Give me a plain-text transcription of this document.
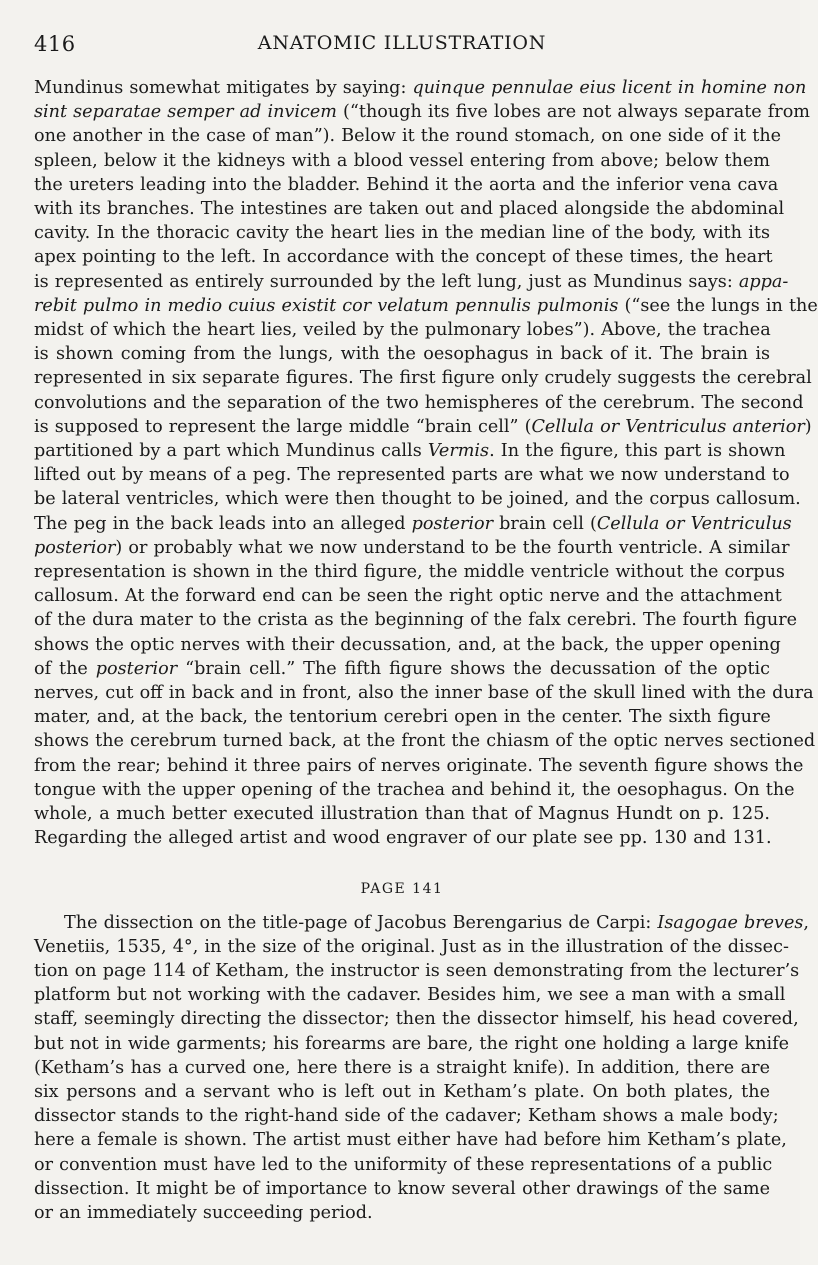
416	ANATOMIC ILLUSTRATION
Mundinus somewhat mitigates by saying: quinque pennulae eius licent in homine non
sint separatae semper ad invicem (“though its five lobes are not always separate from
one another in the case of man”). Below it the round stomach, on one side of it the
spleen, below it the kidneys with a blood vessel entering from above; below them
the ureters leading into the bladder. Behind it the aorta and the inferior vena cava
with its branches. The intestines are taken out and placed alongside the abdominal
cavity. In the thoracic cavity the heart lies in the median line of the body, with its
apex pointing to the left. In accordance with the concept of these times, the heart
is represented as entirely surrounded by the left lung, just as Mundinus says: appa-
rebit pulmo in medio cuius existit cor velatum pennulis pulmonis (“see the lungs in the
midst of which the heart lies, veiled by the pulmonary lobes”). Above, the trachea
is shown coming from the lungs, with the oesophagus in back of it. The brain is
represented in six separate figures. The first figure only crudely suggests the cerebral
convolutions and the separation of the two hemispheres of the cerebrum. The second
is supposed to represent the large middle “brain cell” (Cellula or Ventriculus anterior)
partitioned by a part which Mundinus calls Vermis. In the figure, this part is shown
lifted out by means of a peg. The represented parts are what we now understand to
be lateral ventricles, which were then thought to be joined, and the corpus callosum.
The peg in the back leads into an alleged posterior brain cell (Cellula or Ventriculus
posterior) or probably what we now understand to be the fourth ventricle. A similar
representation is shown in the third figure, the middle ventricle without the corpus
callosum. At the forward end can be seen the right optic nerve and the attachment
of the dura mater to the crista as the beginning of the falx cerebri. The fourth figure
shows the optic nerves with their decussation, and, at the back, the upper opening
of the posterior “brain cell.” The fifth figure shows the decussation of the optic
nerves, cut off in back and in front, also the inner base of the skull lined with the dura
mater, and, at the back, the tentorium cerebri open in the center. The sixth figure
shows the cerebrum turned back, at the front the chiasm of the optic nerves sectioned
from the rear; behind it three pairs of nerves originate. The seventh figure shows the
tongue with the upper opening of the trachea and behind it, the oesophagus. On the
whole, a much better executed illustration than that of Magnus Hundt on p. 125.
Regarding the alleged artist and wood engraver of our plate see pp. 130 and 131.
PAGE 141
The dissection on the title-page of Jacobus Berengarius de Carpi: Isagogae breves,
Venetiis, 1535, 4°, in the size of the original. Just as in the illustration of the dissec-
tion on page 114 of Ketham, the instructor is seen demonstrating from the lecturer’s
platform but not working with the cadaver. Besides him, we see a man with a small
staff, seemingly directing the dissector; then the dissector himself, his head covered,
but not in wide garments; his forearms are bare, the right one holding a large knife
(Ketham’s has a curved one, here there is a straight knife). In addition, there are
six persons and a servant who is left out in Ketham’s plate. On both plates, the
dissector stands to the right-hand side of the cadaver; Ketham shows a male body;
here a female is shown. The artist must either have had before him Ketham’s plate,
or convention must have led to the uniformity of these representations of a public
dissection. It might be of importance to know several other drawings of the same
or an immediately succeeding period.
